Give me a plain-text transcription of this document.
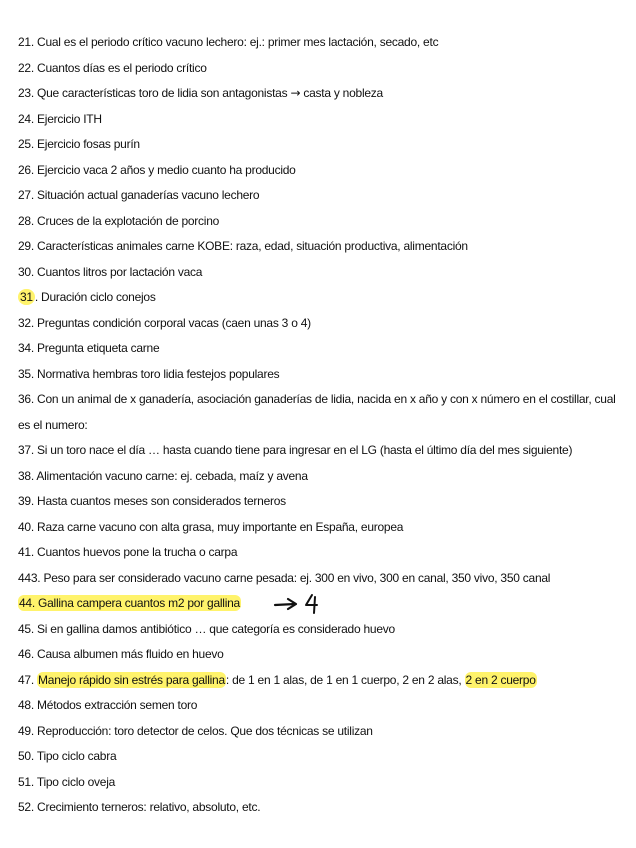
21. Cual es el periodo crítico vacuno lechero: ej.: primer mes lactación, secado, etc
22. Cuantos días es el periodo crítico
23. Que características toro de lidia son antagonistas → casta y nobleza
24. Ejercicio ITH
25. Ejercicio fosas purín
26. Ejercicio vaca 2 años y medio cuanto ha producido
27. Situación actual ganaderías vacuno lechero
28. Cruces de la explotación de porcino
29. Características animales carne KOBE: raza, edad, situación productiva, alimentación
30. Cuantos litros por lactación vaca
31 . Duración ciclo conejos
32. Preguntas condición corporal vacas (caen unas 3 o 4)
34. Pregunta etiqueta carne
35. Normativa hembras toro lidia festejos populares
36. Con un animal de x ganadería, asociación ganaderías de lidia, nacida en x año y con x número en el costillar, cual es el numero:
37. Si un toro nace el día … hasta cuando tiene para ingresar en el LG (hasta el último día del mes siguiente)
38. Alimentación vacuno carne: ej. cebada, maíz y avena
39. Hasta cuantos meses son considerados terneros
40. Raza carne vacuno con alta grasa, muy importante en España, europea
41. Cuantos huevos pone la trucha o carpa
443. Peso para ser considerado vacuno carne pesada: ej. 300 en vivo, 300 en canal, 350 vivo, 350 canal
44. Gallina campera cuantos m2 por gallina
4
45. Si en gallina damos antibiótico … que categoría es considerado huevo
46. Causa albumen más fluido en huevo
47. Manejo rápido sin estrés para gallina: de 1 en 1 alas, de 1 en 1 cuerpo, 2 en 2 alas, 2 en 2 cuerpo
48. Métodos extracción semen toro
49. Reproducción: toro detector de celos. Que dos técnicas se utilizan
50. Tipo ciclo cabra
51. Tipo ciclo oveja
52. Crecimiento terneros: relativo, absoluto, etc.
